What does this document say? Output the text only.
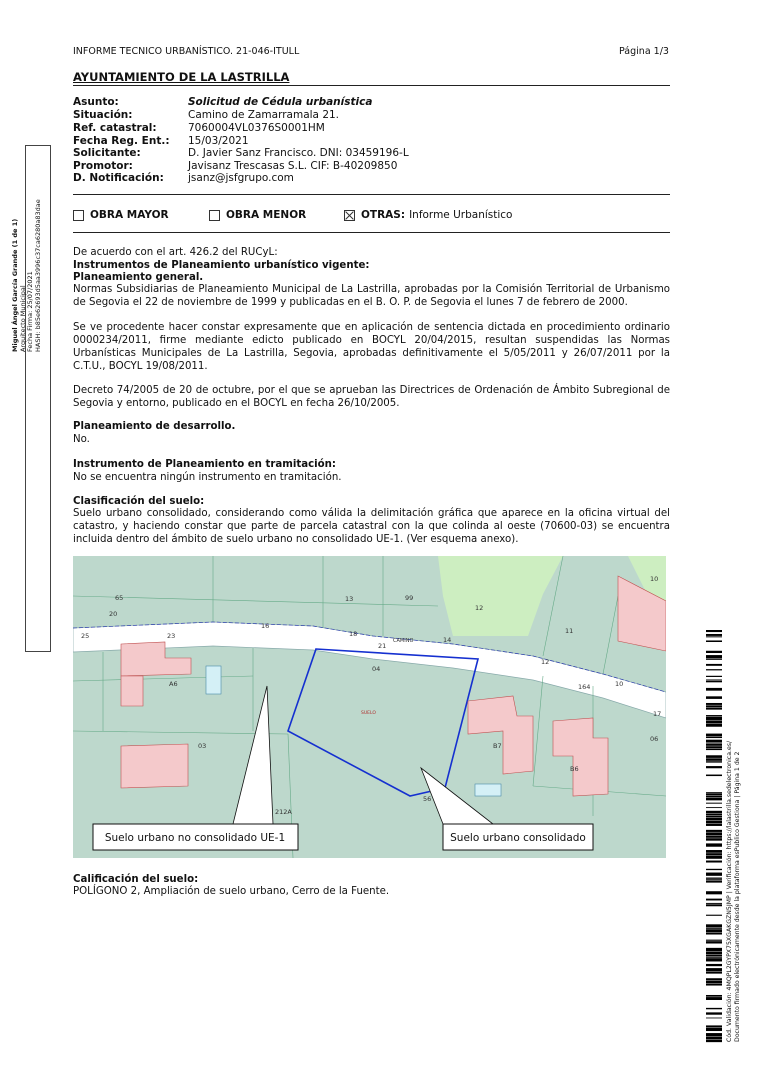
INFORME TECNICO URBANÍSTICO. 21-046-ITULL	Página 1/3
AYUNTAMIENTO DE LA LASTRILLA
Asunto:	Solicitud de Cédula urbanística
Situación:	Camino de Zamarramala 21.
Ref. catastral:	7060004VL0376S0001HM
Fecha Reg. Ent.: 15/03/2021
Solicitante:	D. Javier Sanz Francisco. DNI: 03459196-L
Promotor:	Javisanz Trescasas S.L. CIF: B-40209850
D. Notificación: jsanz@jsfgrupo.com
OBRA MAYOR	OBRA MENOR	OTRAS: Informe Urbanístico
De acuerdo con el art. 426.2 del RUCyL:
Instrumentos de Planeamiento urbanístico vigente:
Planeamiento general.
Normas Subsidiarias de Planeamiento Municipal de La Lastrilla, aprobadas por la Comisión Territorial de Urbanismo de Segovia el 22 de noviembre de 1999 y publicadas en el B. O. P. de Segovia el lunes 7 de febrero de 2000.
Se ve procedente hacer constar expresamente que en aplicación de sentencia dictada en procedimiento ordinario 0000234/2011, firme mediante edicto publicado en BOCYL 20/04/2015, resultan suspendidas las Normas Urbanísticas Municipales de La Lastrilla, Segovia, aprobadas definitivamente el 5/05/2011 y 26/07/2011 por la C.T.U., BOCYL 19/08/2011.
Decreto 74/2005 de 20 de octubre, por el que se aprueban las Directrices de Ordenación de Ámbito Subregional de Segovia y entorno, publicado en el BOCYL en fecha 26/10/2005.
Planeamiento de desarrollo.
No.
Instrumento de Planeamiento en tramitación:
No se encuentra ningún instrumento en tramitación.
Clasificación del suelo:
Suelo urbano consolidado, considerando como válida la delimitación gráfica que aparece en la oficina virtual del catastro, y haciendo constar que parte de parcela catastral con la que colinda al oeste (70600-03) se encuentra incluida dentro del ámbito de suelo urbano no consolidado UE-1. (Ver esquema anexo).
65
20
16
13	99
12
10
11
25	23	18
21
CAMINO	14
12
04
SUELO
164	10
17
06
A6
B7
B6
03
56
212A
Suelo urbano no consolidado UE-1	Suelo urbano consolidado
Calificación del suelo:
POLÍGONO 2, Ampliación de suelo urbano, Cerro de la Fuente.
Miguel Ángel García Grande (1 de 1) Arquitecto Municipal Fecha Firma: 25/07/2021 HASH: b85e62693d5aa3996c37ca6280a83dae
Cód. Validación: 4MQPL2GYPX75XGAKGZN5JMP | Verificación: https://lalastrilla.sedelectronica.es/ Documento firmado electrónicamente desde la plataforma esPublico Gestiona | Página 1 de 2
